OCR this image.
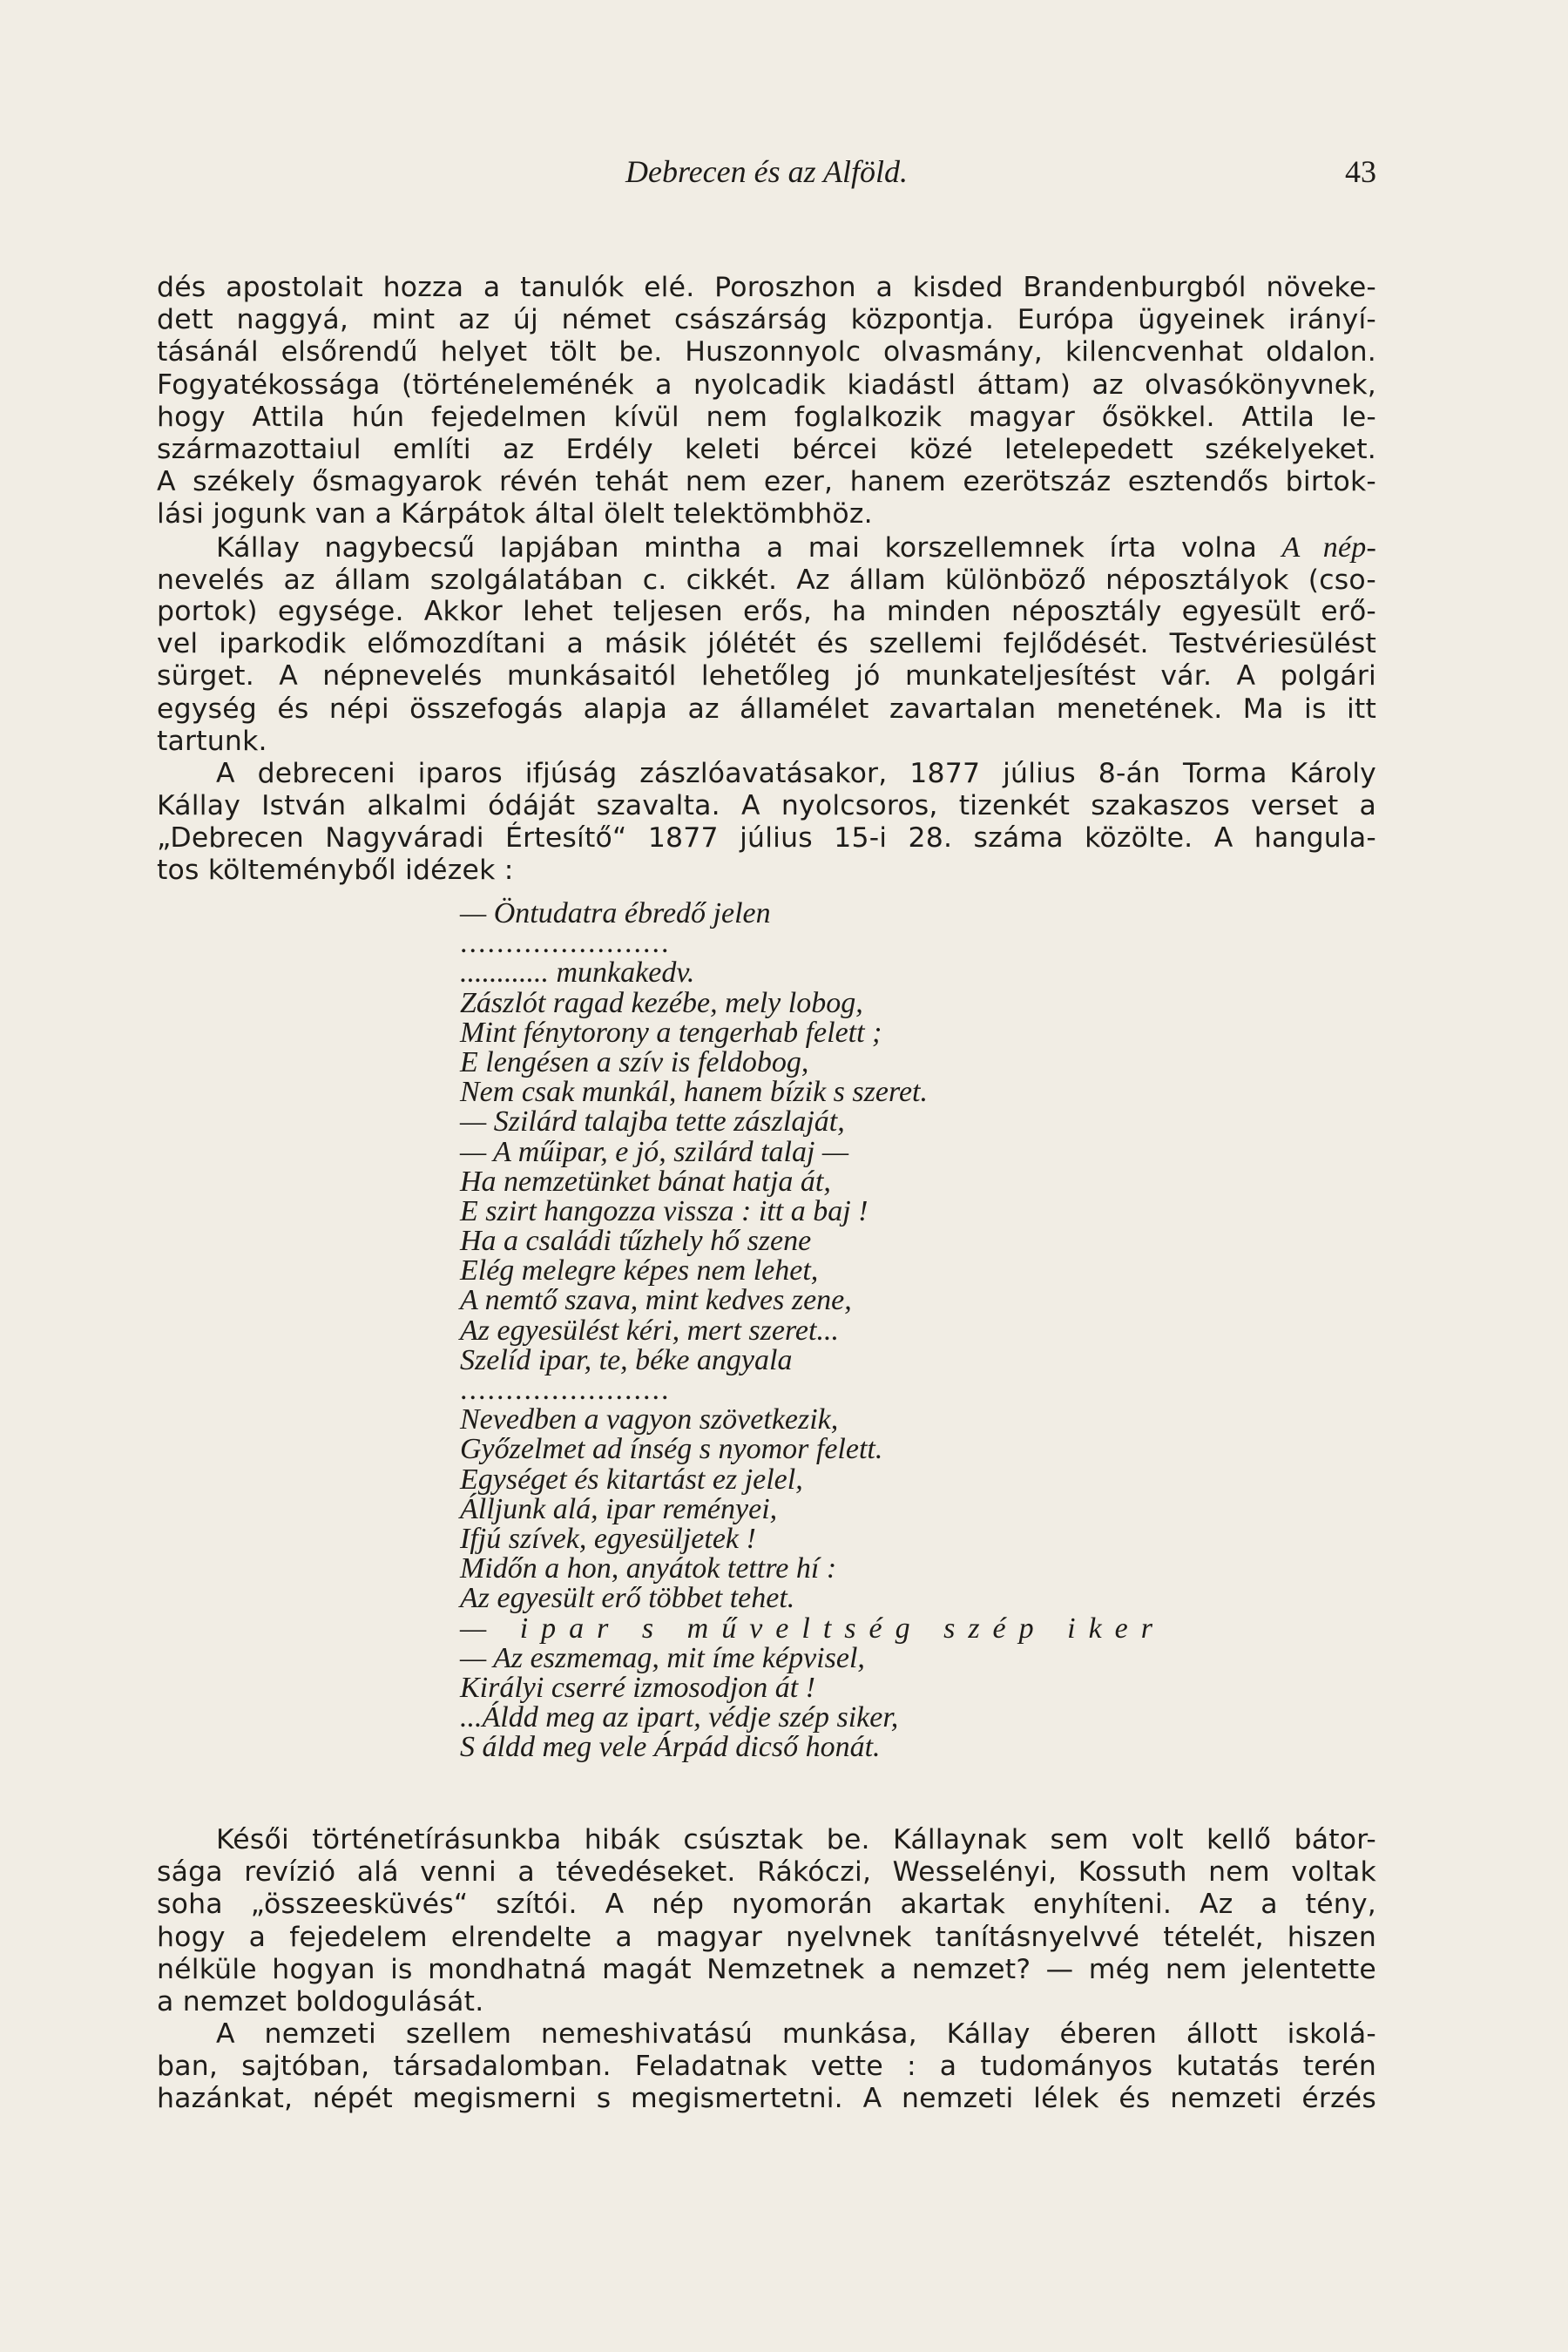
Debrecen és az Alföld.	43
dés apostolait hozza a tanulók elé. Poroszhon a kisded Brandenburgból növeke-
dett naggyá, mint az új német császárság központja. Európa ügyeinek irányí-
tásánál elsőrendű helyet tölt be. Huszonnyolc olvasmány, kilencvenhat oldalon.
Fogyatékossága (történeleménék a nyolcadik kiadástl áttam) az olvasókönyvnek,
hogy Attila hún fejedelmen kívül nem foglalkozik magyar ősökkel. Attila le-
származottaiul említi az Erdély keleti bércei közé letelepedett székelyeket.
A székely ősmagyarok révén tehát nem ezer, hanem ezerötszáz esztendős birtok-
lási jogunk van a Kárpátok által ölelt telektömbhöz.
Kállay nagybecsű lapjában mintha a mai korszellemnek írta volna A nép-
nevelés az állam szolgálatában c. cikkét. Az állam különböző néposztályok (cso-
portok) egysége. Akkor lehet teljesen erős, ha minden néposztály egyesült erő-
vel iparkodik előmozdítani a másik jólétét és szellemi fejlődését. Testvériesülést
sürget. A népnevelés munkásaitól lehetőleg jó munkateljesítést vár. A polgári
egység és népi összefogás alapja az államélet zavartalan menetének. Ma is itt
tartunk.
A debreceni iparos ifjúság zászlóavatásakor, 1877 július 8-án Torma Károly
Kállay István alkalmi ódáját szavalta. A nyolcsoros, tizenkét szakaszos verset a
„Debrecen Nagyváradi Értesítő“ 1877 július 15-i 28. száma közölte. A hangula-
tos költeményből idézek :
— Öntudatra ébredő jelen
.......................
............ munkakedv.
Zászlót ragad kezébe, mely lobog,
Mint fénytorony a tengerhab felett ;
E lengésen a szív is feldobog,
Nem csak munkál, hanem bízik s szeret.
— Szilárd talajba tette zászlaját,
— A műipar, e jó, szilárd talaj —
Ha nemzetünket bánat hatja át,
E szirt hangozza vissza : itt a baj !
Ha a családi tűzhely hő szene
Elég melegre képes nem lehet,
A nemtő szava, mint kedves zene,
Az egyesülést kéri, mert szeret...
Szelíd ipar, te, béke angyala
.......................
Nevedben a vagyon szövetkezik,
Győzelmet ad ínség s nyomor felett.
Egységet és kitartást ez jelel,
Álljunk alá, ipar reményei,
Ifjú szívek, egyesüljetek !
Midőn a hon, anyátok tettre hí :
Az egyesült erő többet tehet.
— ipar s műveltség szép iker
— Az eszmemag, mit íme képvisel,
Királyi cserré izmosodjon át !
...Áldd meg az ipart, védje szép siker,
S áldd meg vele Árpád dicső honát.
Késői történetírásunkba hibák csúsztak be. Kállaynak sem volt kellő bátor-
sága revízió alá venni a tévedéseket. Rákóczi, Wesselényi, Kossuth nem voltak
soha „összeesküvés“ szítói. A nép nyomorán akartak enyhíteni. Az a tény,
hogy a fejedelem elrendelte a magyar nyelvnek tanításnyelvvé tételét, hiszen
nélküle hogyan is mondhatná magát Nemzetnek a nemzet? — még nem jelentette
a nemzet boldogulását.
A nemzeti szellem nemeshivatású munkása, Kállay éberen állott iskolá-
ban, sajtóban, társadalomban. Feladatnak vette : a tudományos kutatás terén
hazánkat, népét megismerni s megismertetni. A nemzeti lélek és nemzeti érzés
